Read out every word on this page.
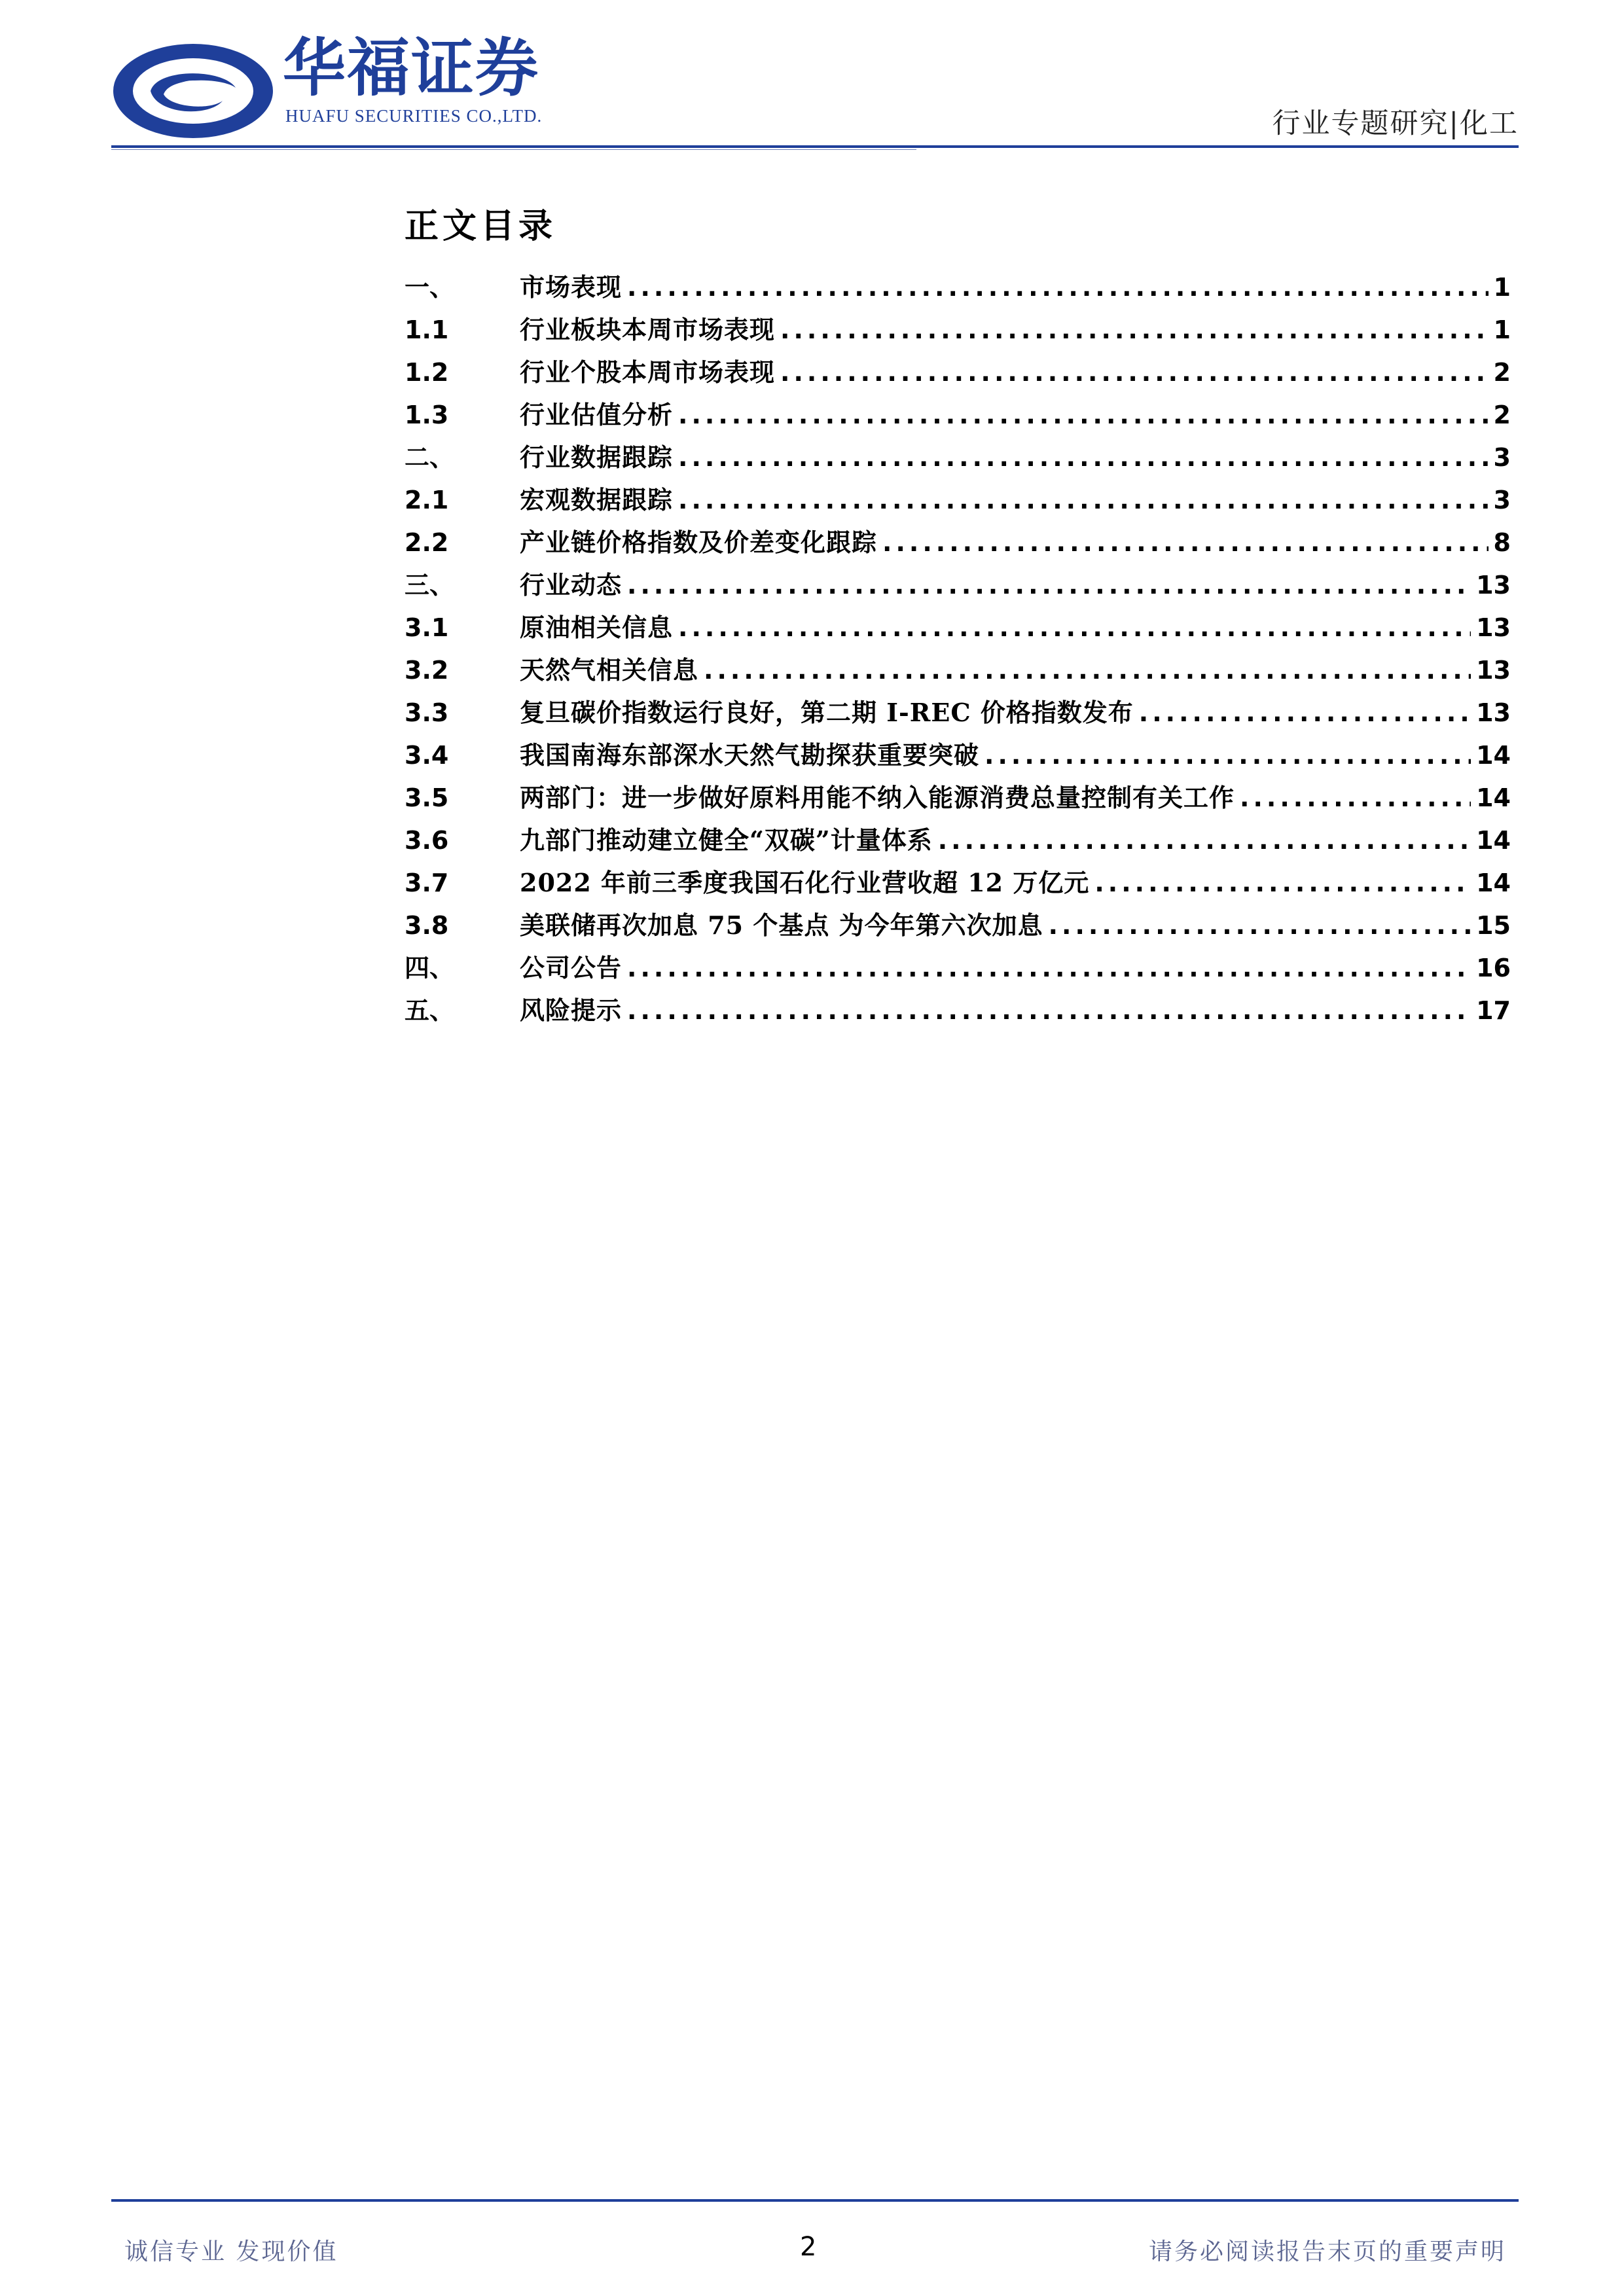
华福证券
HUAFU SECURITIES CO.,LTD.	行业专题研究|化工
正文目录
一、	市场表现 .....	1
1.1	行业板块本周市场表现 .....	1
1.2	行业个股本周市场表现 .....	2
1.3	行业估值分析 .....	2
二、	行业数据跟踪 .....	3
2.1	宏观数据跟踪 .....	3
2.2	产业链价格指数及价差变化跟踪 .....	8
三、	行业动态 .....	13
3.1	原油相关信息 .....	13
3.2	天然气相关信息 .....	13
3.3	复旦碳价指数运行良好，第二期 I-REC 价格指数发布 .....	13
3.4	我国南海东部深水天然气勘探获重要突破 .....	14
3.5	两部门：进一步做好原料用能不纳入能源消费总量控制有关工作 .....	14
3.6	九部门推动建立健全“双碳”计量体系 .....	14
3.7	2022 年前三季度我国石化行业营收超 12 万亿元 .....	14
3.8	美联储再次加息 75 个基点 为今年第六次加息 .....	15
四、	公司公告 .....	16
五、	风险提示 .....	17
诚信专业 发现价值	2	请务必阅读报告末页的重要声明
